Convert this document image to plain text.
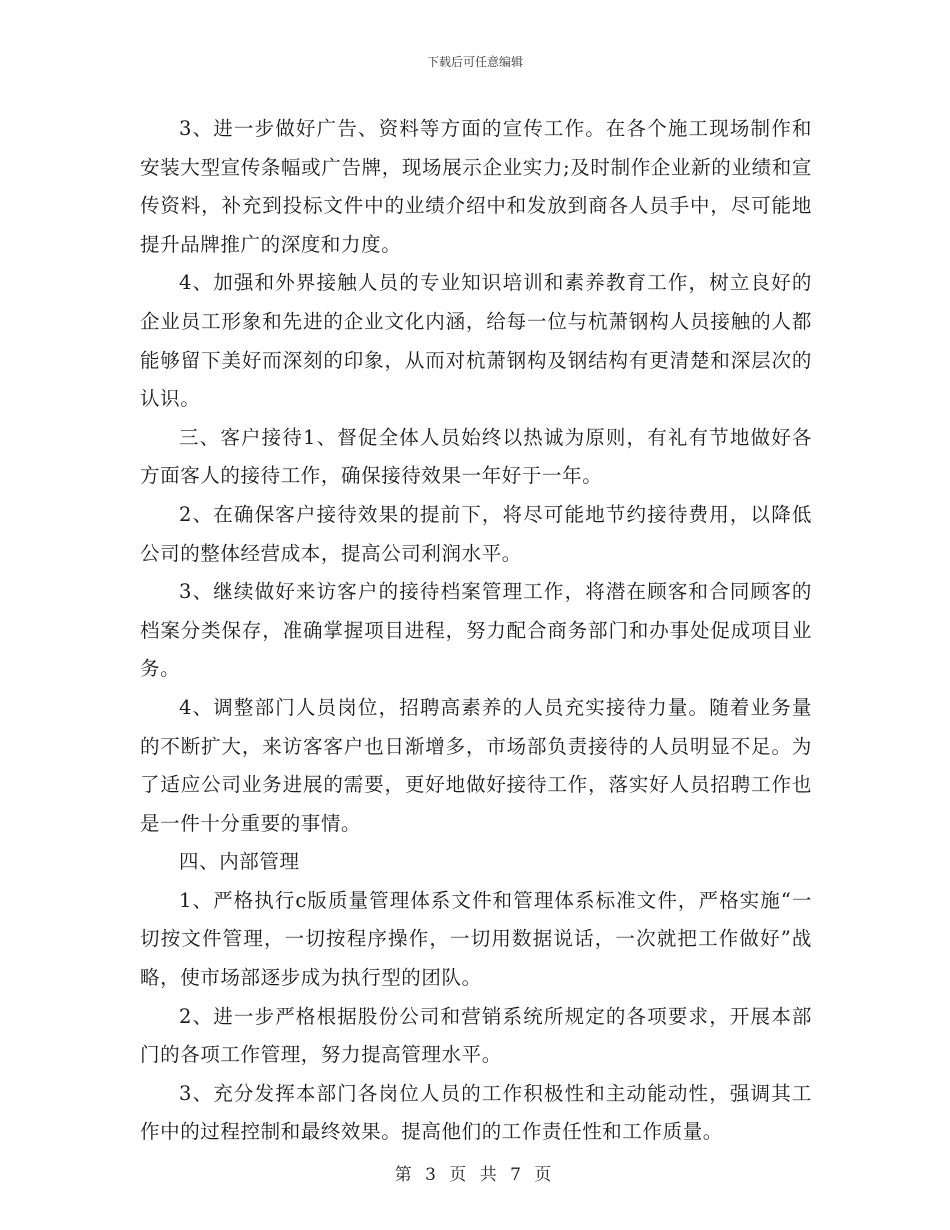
下载后可任意编辑

3、进一步做好广告、资料等方面的宣传工作。在各个施工现场制作和安装大型宣传条幅或广告牌，现场展示企业实力;及时制作企业新的业绩和宣传资料，补充到投标文件中的业绩介绍中和发放到商各人员手中，尽可能地提升品牌推广的深度和力度。

4、加强和外界接触人员的专业知识培训和素养教育工作，树立良好的企业员工形象和先进的企业文化内涵，给每一位与杭萧钢构人员接触的人都能够留下美好而深刻的印象，从而对杭萧钢构及钢结构有更清楚和深层次的认识。

三、客户接待1、督促全体人员始终以热诚为原则，有礼有节地做好各方面客人的接待工作，确保接待效果一年好于一年。

2、在确保客户接待效果的提前下，将尽可能地节约接待费用，以降低公司的整体经营成本，提高公司利润水平。

3、继续做好来访客户的接待档案管理工作，将潜在顾客和合同顾客的档案分类保存，准确掌握项目进程，努力配合商务部门和办事处促成项目业务。

4、调整部门人员岗位，招聘高素养的人员充实接待力量。随着业务量的不断扩大，来访客客户也日渐增多，市场部负责接待的人员明显不足。为了适应公司业务进展的需要，更好地做好接待工作，落实好人员招聘工作也是一件十分重要的事情。

四、内部管理

1、严格执行c版质量管理体系文件和管理体系标准文件，严格实施“一切按文件管理，一切按程序操作，一切用数据说话，一次就把工作做好”战略，使市场部逐步成为执行型的团队。

2、进一步严格根据股份公司和营销系统所规定的各项要求，开展本部门的各项工作管理，努力提高管理水平。

3、充分发挥本部门各岗位人员的工作积极性和主动能动性，强调其工作中的过程控制和最终效果。提高他们的工作责任性和工作质量。

第 3 页 共 7 页
